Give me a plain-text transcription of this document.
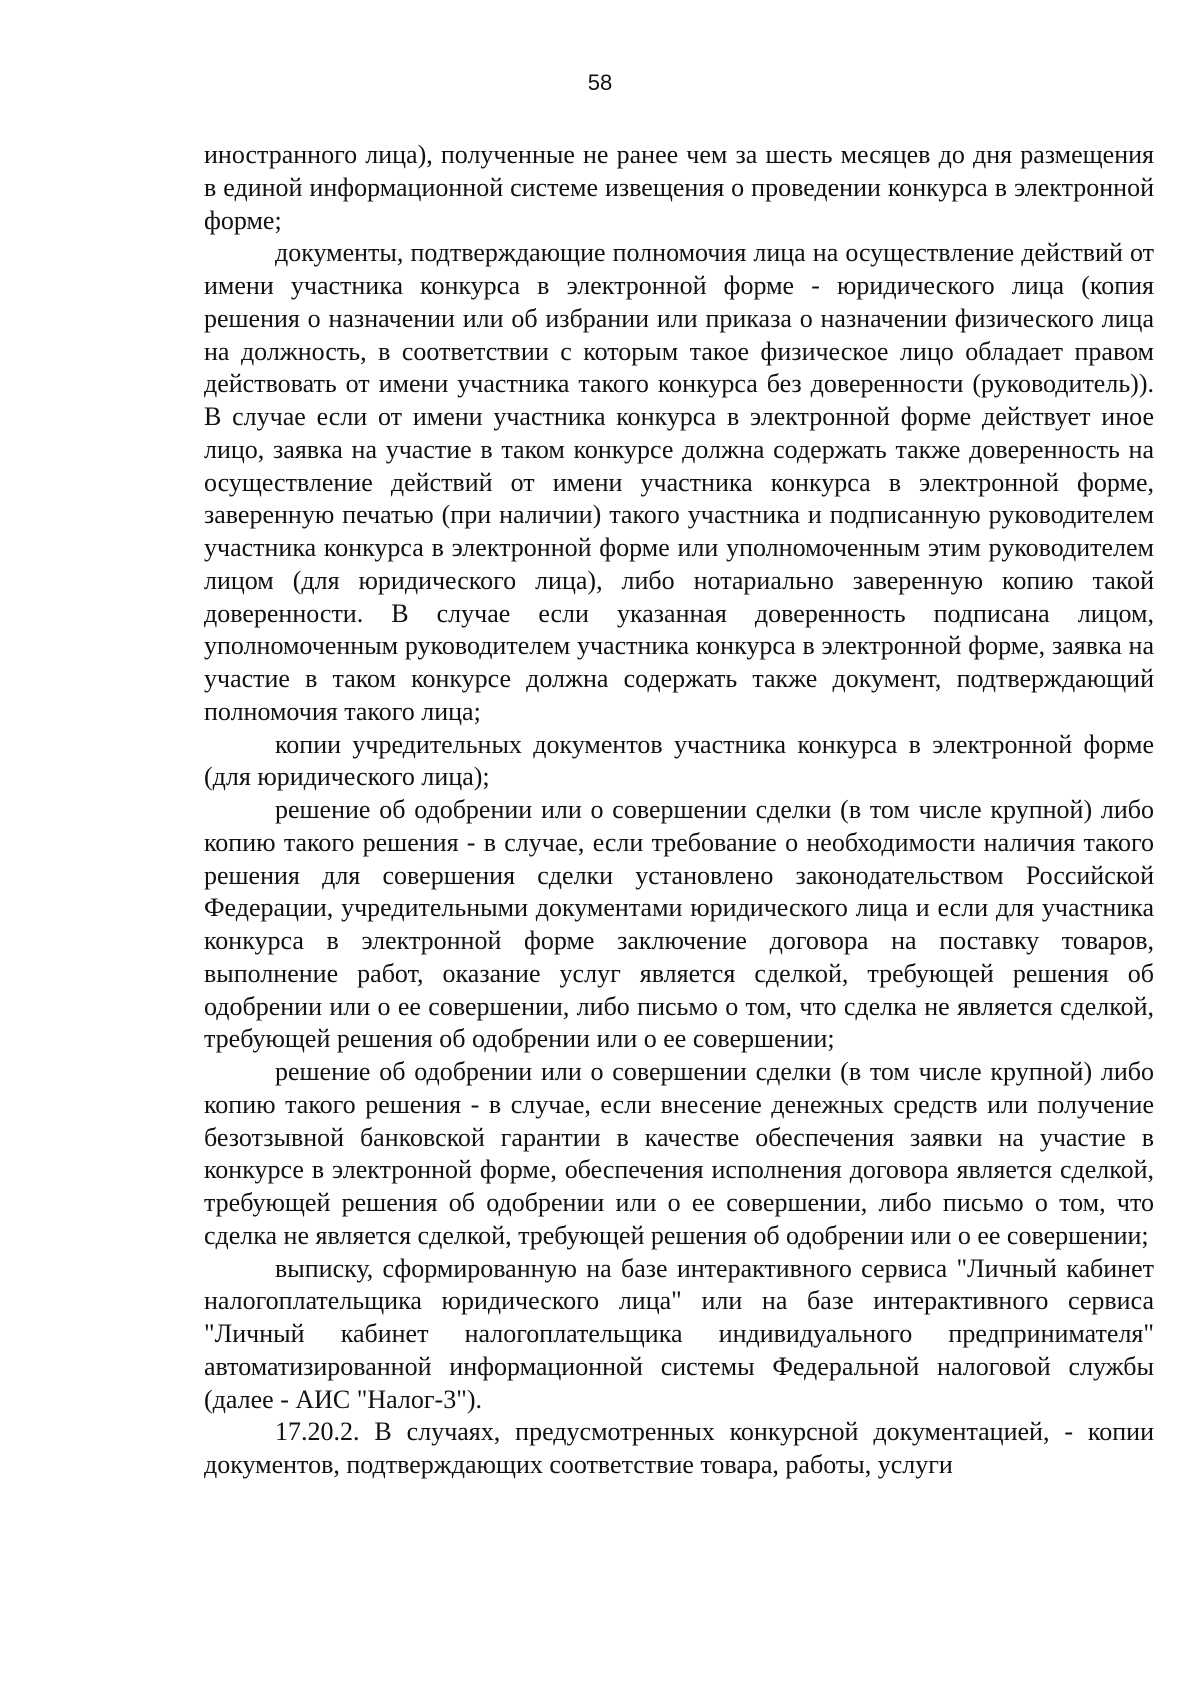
58

иностранного лица), полученные не ранее чем за шесть месяцев до дня размещения в единой информационной системе извещения о проведении конкурса в электронной форме;

документы, подтверждающие полномочия лица на осуществление действий от имени участника конкурса в электронной форме - юридического лица (копия решения о назначении или об избрании или приказа о назначении физического лица на должность, в соответствии с которым такое физическое лицо обладает правом действовать от имени участника такого конкурса без доверенности (руководитель)). В случае если от имени участника конкурса в электронной форме действует иное лицо, заявка на участие в таком конкурсе должна содержать также доверенность на осуществление действий от имени участника конкурса в электронной форме, заверенную печатью (при наличии) такого участника и подписанную руководителем участника конкурса в электронной форме или уполномоченным этим руководителем лицом (для юридического лица), либо нотариально заверенную копию такой доверенности. В случае если указанная доверенность подписана лицом, уполномоченным руководителем участника конкурса в электронной форме, заявка на участие в таком конкурсе должна содержать также документ, подтверждающий полномочия такого лица;

копии учредительных документов участника конкурса в электронной форме (для юридического лица);

решение об одобрении или о совершении сделки (в том числе крупной) либо копию такого решения - в случае, если требование о необходимости наличия такого решения для совершения сделки установлено законодательством Российской Федерации, учредительными документами юридического лица и если для участника конкурса в электронной форме заключение договора на поставку товаров, выполнение работ, оказание услуг является сделкой, требующей решения об одобрении или о ее совершении, либо письмо о том, что сделка не является сделкой, требующей решения об одобрении или о ее совершении;

решение об одобрении или о совершении сделки (в том числе крупной) либо копию такого решения - в случае, если внесение денежных средств или получение безотзывной банковской гарантии в качестве обеспечения заявки на участие в конкурсе в электронной форме, обеспечения исполнения договора является сделкой, требующей решения об одобрении или о ее совершении, либо письмо о том, что сделка не является сделкой, требующей решения об одобрении или о ее совершении;

выписку, сформированную на базе интерактивного сервиса "Личный кабинет налогоплательщика юридического лица" или на базе интерактивного сервиса "Личный кабинет налогоплательщика индивидуального предпринимателя" автоматизированной информационной системы Федеральной налоговой службы (далее - АИС "Налог-3").

17.20.2. В случаях, предусмотренных конкурсной документацией, - копии документов, подтверждающих соответствие товара, работы, услуги
